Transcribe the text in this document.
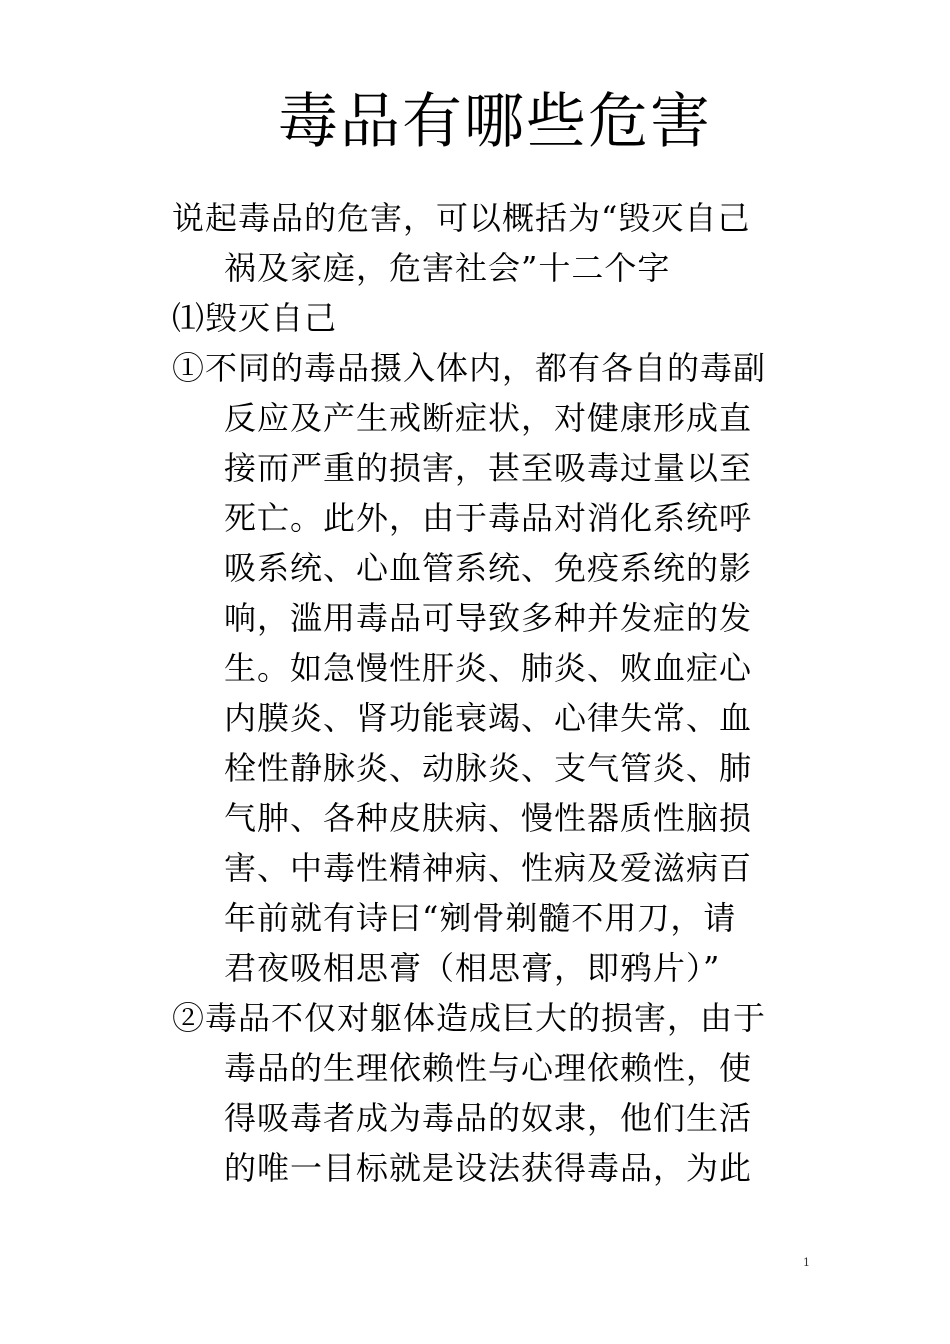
毒品有哪些危害
说起毒品的危害，可以概括为“毁灭自己
祸及家庭，危害社会”十二个字
⑴毁灭自己
①不同的毒品摄入体内，都有各自的毒副
反应及产生戒断症状，对健康形成直
接而严重的损害，甚至吸毒过量以至
死亡。此外，由于毒品对消化系统呼
吸系统、心血管系统、免疫系统的影
响，滥用毒品可导致多种并发症的发
生。如急慢性肝炎、肺炎、败血症心
内膜炎、肾功能衰竭、心律失常、血
栓性静脉炎、动脉炎、支气管炎、肺
气肿、各种皮肤病、慢性器质性脑损
害、中毒性精神病、性病及爱滋病百
年前就有诗曰“剜骨剃髓不用刀，请
君夜吸相思膏（相思膏，即鸦片）”
②毒品不仅对躯体造成巨大的损害，由于
毒品的生理依赖性与心理依赖性，使
得吸毒者成为毒品的奴隶，他们生活
的唯一目标就是设法获得毒品，为此
1
